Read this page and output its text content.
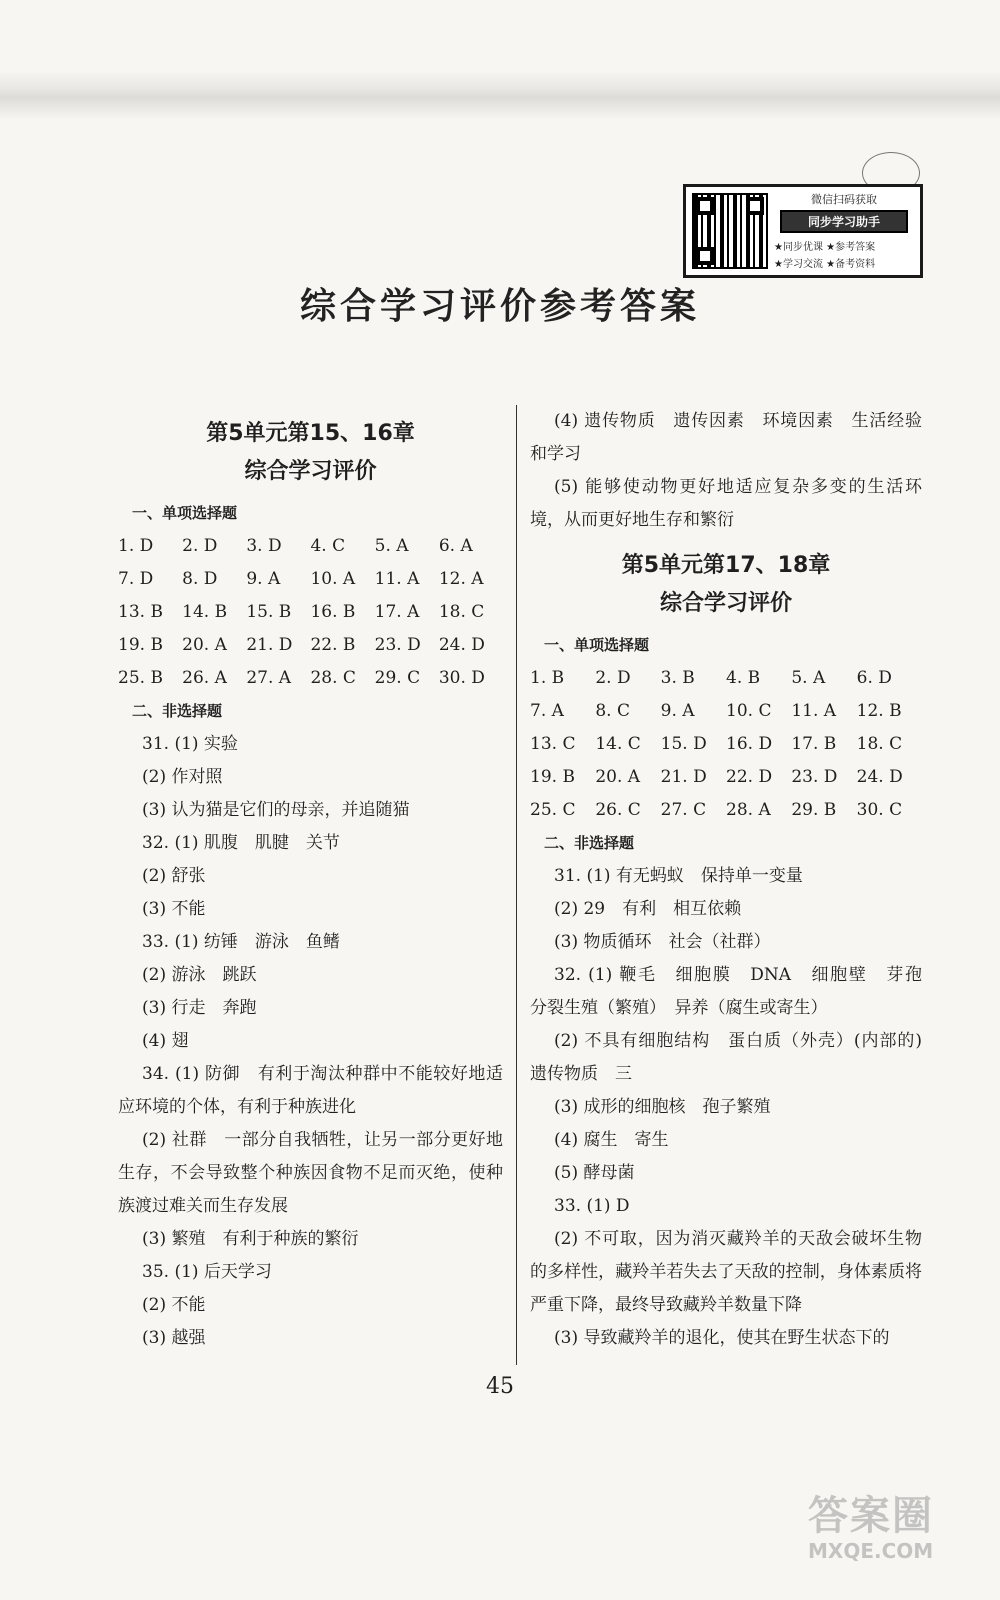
微信扫码获取
同步学习助手
★同步优课 ★参考答案
★学习交流 ★备考资料
综合学习评价参考答案
第5单元第15、16章
综合学习评价
一、单项选择题
1. D	2. D	3. D	4. C	5. A	6. A
7. D	8. D	9. A	10. A	11. A	12. A
13. B	14. B	15. B	16. B	17. A	18. C
19. B	20. A	21. D	22. B	23. D	24. D
25. B	26. A	27. A	28. C	29. C	30. D
二、非选择题
31. (1) 实验
(2) 作对照
(3) 认为猫是它们的母亲，并追随猫
32. (1) 肌腹　肌腱　关节
(2) 舒张
(3) 不能
33. (1) 纺锤　游泳　鱼鳍
(2) 游泳　跳跃
(3) 行走　奔跑
(4) 翅
34. (1) 防御　有利于淘汰种群中不能较好地适应环境的个体，有利于种族进化
(2) 社群　一部分自我牺牲，让另一部分更好地生存，不会导致整个种族因食物不足而灭绝，使种族渡过难关而生存发展
(3) 繁殖　有利于种族的繁衍
35. (1) 后天学习
(2) 不能
(3) 越强
(4) 遗传物质　遗传因素　环境因素　生活经验和学习
(5) 能够使动物更好地适应复杂多变的生活环境，从而更好地生存和繁衍
第5单元第17、18章
综合学习评价
一、单项选择题
1. B	2. D	3. B	4. B	5. A	6. D
7. A	8. C	9. A	10. C	11. A	12. B
13. C	14. C	15. D	16. D	17. B	18. C
19. B	20. A	21. D	22. D	23. D	24. D
25. C	26. C	27. C	28. A	29. B	30. C
二、非选择题
31. (1) 有无蚂蚁　保持单一变量
(2) 29　有利　相互依赖
(3) 物质循环　社会（社群）
32. (1) 鞭毛　细胞膜　DNA　细胞壁　芽孢　分裂生殖（繁殖）　异养（腐生或寄生）
(2) 不具有细胞结构　蛋白质（外壳）(内部的) 遗传物质　三
(3) 成形的细胞核　孢子繁殖
(4) 腐生　寄生
(5) 酵母菌
33. (1) D
(2) 不可取，因为消灭藏羚羊的天敌会破坏生物的多样性，藏羚羊若失去了天敌的控制，身体素质将严重下降，最终导致藏羚羊数量下降
(3) 导致藏羚羊的退化，使其在野生状态下的
45
答案圈
MXQE.COM
